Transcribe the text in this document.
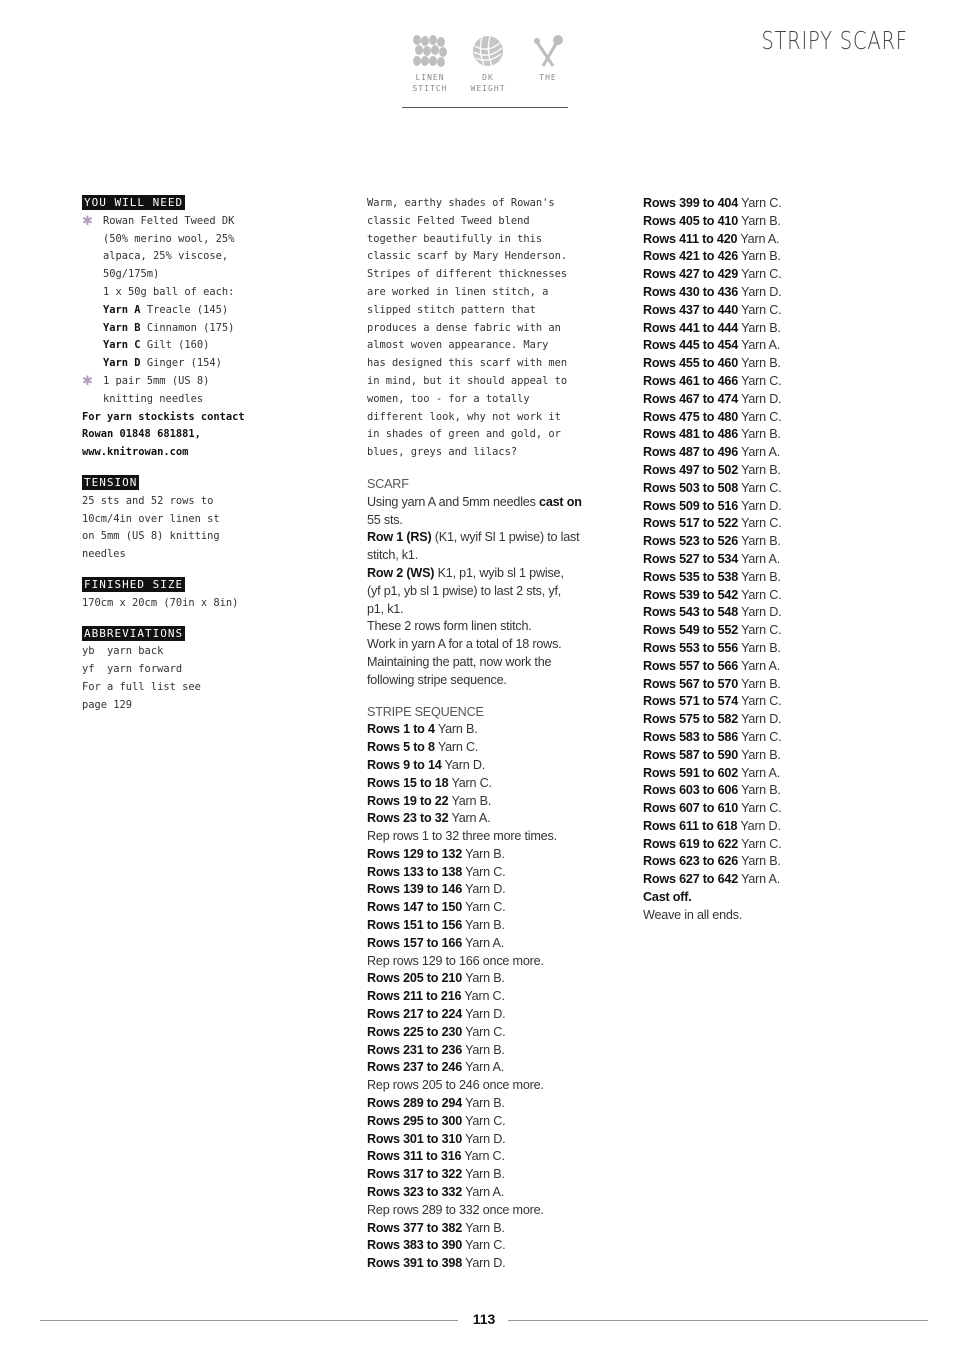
LINEN
STITCH
DK
WEIGHT
THE
STRIPY SCARF
YOU WILL NEED
✱ Rowan Felted Tweed DK
(50% merino wool, 25%
alpaca, 25% viscose,
50g/175m)
1 x 50g ball of each:
Yarn A Treacle (145)
Yarn B Cinnamon (175)
Yarn C Gilt (160)
Yarn D Ginger (154)
✱ 1 pair 5mm (US 8)
knitting needles
For yarn stockists contact
Rowan 01848 681881,
www.knitrowan.com
TENSION
25 sts and 52 rows to
10cm/4in over linen st
on 5mm (US 8) knitting
needles
FINISHED SIZE
170cm x 20cm (70in x 8in)
ABBREVIATIONS
yb  yarn back
yf  yarn forward
For a full list see
page 129
Warm, earthy shades of Rowan's
classic Felted Tweed blend
together beautifully in this
classic scarf by Mary Henderson.
Stripes of different thicknesses
are worked in linen stitch, a
slipped stitch pattern that
produces a dense fabric with an
almost woven appearance. Mary
has designed this scarf with men
in mind, but it should appeal to
women, too - for a totally
different look, why not work it
in shades of green and gold, or
blues, greys and lilacs?
SCARF
Using yarn A and 5mm needles cast on
55 sts.
Row 1 (RS) (K1, wyif Sl 1 pwise) to last
stitch, k1.
Row 2 (WS) K1, p1, wyib sl 1 pwise,
(yf p1, yb sl 1 pwise) to last 2 sts, yf,
p1, k1.
These 2 rows form linen stitch.
Work in yarn A for a total of 18 rows.
Maintaining the patt, now work the
following stripe sequence.
STRIPE SEQUENCE
Rows 1 to 4 Yarn B.
Rows 5 to 8 Yarn C.
Rows 9 to 14 Yarn D.
Rows 15 to 18 Yarn C.
Rows 19 to 22 Yarn B.
Rows 23 to 32 Yarn A.
Rep rows 1 to 32 three more times.
Rows 129 to 132 Yarn B.
Rows 133 to 138 Yarn C.
Rows 139 to 146 Yarn D.
Rows 147 to 150 Yarn C.
Rows 151 to 156 Yarn B.
Rows 157 to 166 Yarn A.
Rep rows 129 to 166 once more.
Rows 205 to 210 Yarn B.
Rows 211 to 216 Yarn C.
Rows 217 to 224 Yarn D.
Rows 225 to 230 Yarn C.
Rows 231 to 236 Yarn B.
Rows 237 to 246 Yarn A.
Rep rows 205 to 246 once more.
Rows 289 to 294 Yarn B.
Rows 295 to 300 Yarn C.
Rows 301 to 310 Yarn D.
Rows 311 to 316 Yarn C.
Rows 317 to 322 Yarn B.
Rows 323 to 332 Yarn A.
Rep rows 289 to 332 once more.
Rows 377 to 382 Yarn B.
Rows 383 to 390 Yarn C.
Rows 391 to 398 Yarn D.
Rows 399 to 404 Yarn C.
Rows 405 to 410 Yarn B.
Rows 411 to 420 Yarn A.
Rows 421 to 426 Yarn B.
Rows 427 to 429 Yarn C.
Rows 430 to 436 Yarn D.
Rows 437 to 440 Yarn C.
Rows 441 to 444 Yarn B.
Rows 445 to 454 Yarn A.
Rows 455 to 460 Yarn B.
Rows 461 to 466 Yarn C.
Rows 467 to 474 Yarn D.
Rows 475 to 480 Yarn C.
Rows 481 to 486 Yarn B.
Rows 487 to 496 Yarn A.
Rows 497 to 502 Yarn B.
Rows 503 to 508 Yarn C.
Rows 509 to 516 Yarn D.
Rows 517 to 522 Yarn C.
Rows 523 to 526 Yarn B.
Rows 527 to 534 Yarn A.
Rows 535 to 538 Yarn B.
Rows 539 to 542 Yarn C.
Rows 543 to 548 Yarn D.
Rows 549 to 552 Yarn C.
Rows 553 to 556 Yarn B.
Rows 557 to 566 Yarn A.
Rows 567 to 570 Yarn B.
Rows 571 to 574 Yarn C.
Rows 575 to 582 Yarn D.
Rows 583 to 586 Yarn C.
Rows 587 to 590 Yarn B.
Rows 591 to 602 Yarn A.
Rows 603 to 606 Yarn B.
Rows 607 to 610 Yarn C.
Rows 611 to 618 Yarn D.
Rows 619 to 622 Yarn C.
Rows 623 to 626 Yarn B.
Rows 627 to 642 Yarn A.
Cast off.
Weave in all ends.
113
